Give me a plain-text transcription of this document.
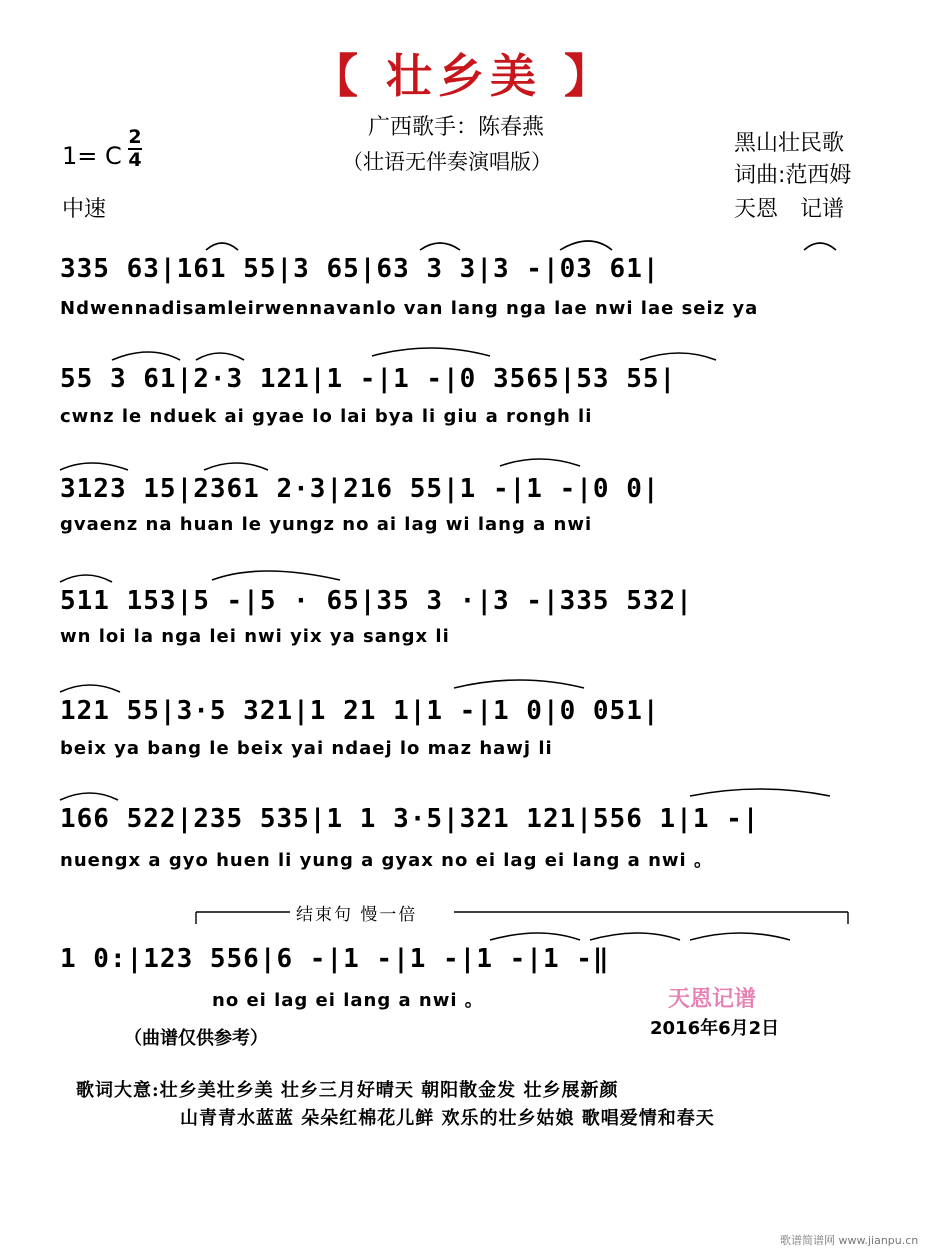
【 壮乡美 】
广西歌手：陈春燕
（壮语无伴奏演唱版）
1= C
2
4
中速
黑山壮民歌
词曲:范西姆
天恩　记谱
335 63|161 55|3 65|63 3 3|3 -|03 61|
Ndwennadisamleirwennavanlo van lang nga lae nwi lae seiz ya
55 3 61|2·3 121|1 -|1 -|0 3565|53 55|
cwnz le nduek ai gyae lo lai bya li giu a rongh li
3123 15|2361 2·3|216 55|1 -|1 -|0 0|
gvaenz na huan le yungz no ai lag wi lang a nwi
511 153|5 -|5 · 65|35 3 ·|3 -|335 532|
wn loi la nga lei nwi yix ya sangx li
121 55|3·5 321|1 21 1|1 -|1 0|0 051|
beix ya bang le beix yai ndaej lo maz hawj li
166 522|235 535|1 1 3·5|321 121|556 1|1 -|
nuengx a gyo huen li yung a gyax no ei lag ei lang a nwi 。
结束句 慢一倍
1 0:|123 556|6 -|1 -|1 -|1 -|1 -‖
no ei lag ei lang a nwi 。	天恩记谱
2016年6月2日
（曲谱仅供参考）
歌词大意:壮乡美壮乡美 壮乡三月好晴天 朝阳散金发 壮乡展新颜
山青青水蓝蓝 朵朵红棉花儿鲜 欢乐的壮乡姑娘 歌唱爱情和春天
歌谱简谱网 www.jianpu.cn
